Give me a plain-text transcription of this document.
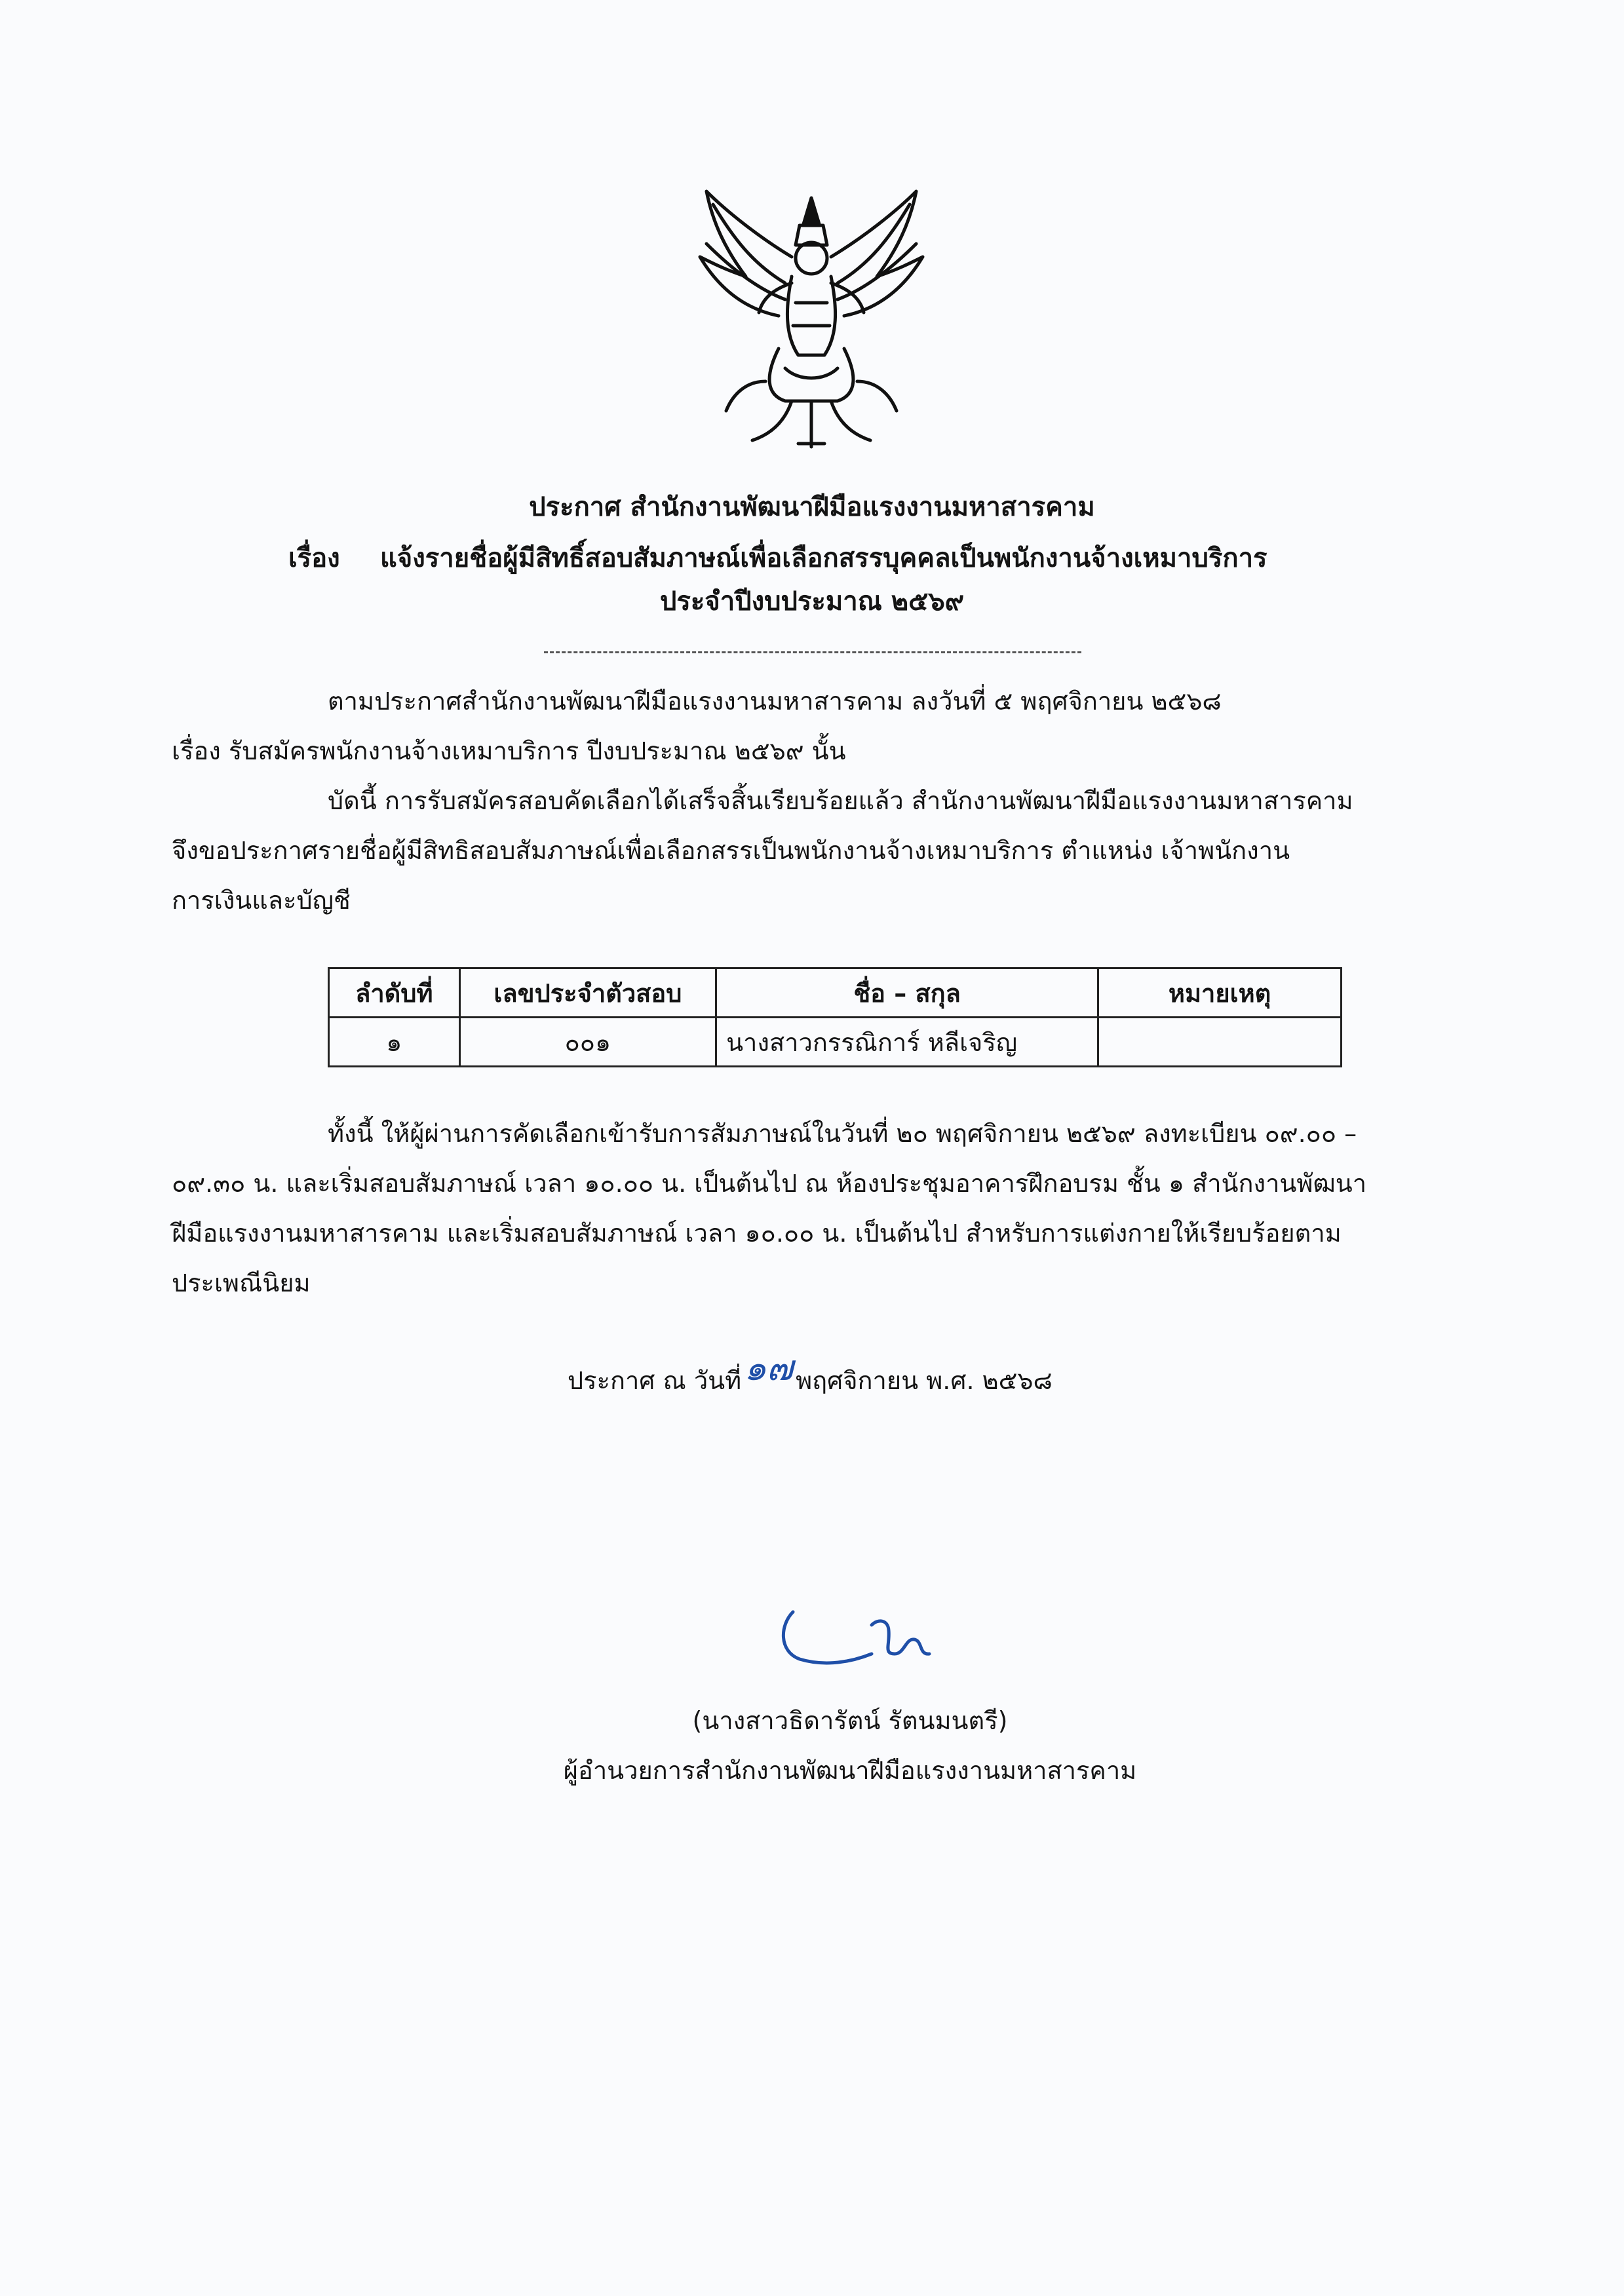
ประกาศ สำนักงานพัฒนาฝีมือแรงงานมหาสารคาม
เรื่อง แจ้งรายชื่อผู้มีสิทธิ์สอบสัมภาษณ์เพื่อเลือกสรรบุคคลเป็นพนักงานจ้างเหมาบริการ
ประจำปีงบประมาณ ๒๕๖๙
ตามประกาศสำนักงานพัฒนาฝีมือแรงงานมหาสารคาม ลงวันที่ ๕ พฤศจิกายน ๒๕๖๘
เรื่อง รับสมัครพนักงานจ้างเหมาบริการ ปีงบประมาณ ๒๕๖๙ นั้น
บัดนี้ การรับสมัครสอบคัดเลือกได้เสร็จสิ้นเรียบร้อยแล้ว สำนักงานพัฒนาฝีมือแรงงานมหาสารคาม
จึงขอประกาศรายชื่อผู้มีสิทธิสอบสัมภาษณ์เพื่อเลือกสรรเป็นพนักงานจ้างเหมาบริการ ตำแหน่ง เจ้าพนักงาน
การเงินและบัญชี
ลำดับที่	เลขประจำตัวสอบ	ชื่อ – สกุล	หมายเหตุ
๑	๐๐๑	นางสาวกรรณิการ์ หลีเจริญ	
ทั้งนี้ ให้ผู้ผ่านการคัดเลือกเข้ารับการสัมภาษณ์ในวันที่ ๒๐ พฤศจิกายน ๒๕๖๙ ลงทะเบียน ๐๙.๐๐ –
๐๙.๓๐ น. และเริ่มสอบสัมภาษณ์ เวลา ๑๐.๐๐ น. เป็นต้นไป ณ ห้องประชุมอาคารฝึกอบรม ชั้น ๑ สำนักงานพัฒนา
ฝีมือแรงงานมหาสารคาม และเริ่มสอบสัมภาษณ์ เวลา ๑๐.๐๐ น. เป็นต้นไป สำหรับการแต่งกายให้เรียบร้อยตาม
ประเพณีนิยม
ประกาศ ณ วันที่๑๗ พฤศจิกายน พ.ศ. ๒๕๖๘
(นางสาวธิดารัตน์ รัตนมนตรี)
ผู้อำนวยการสำนักงานพัฒนาฝีมือแรงงานมหาสารคาม
